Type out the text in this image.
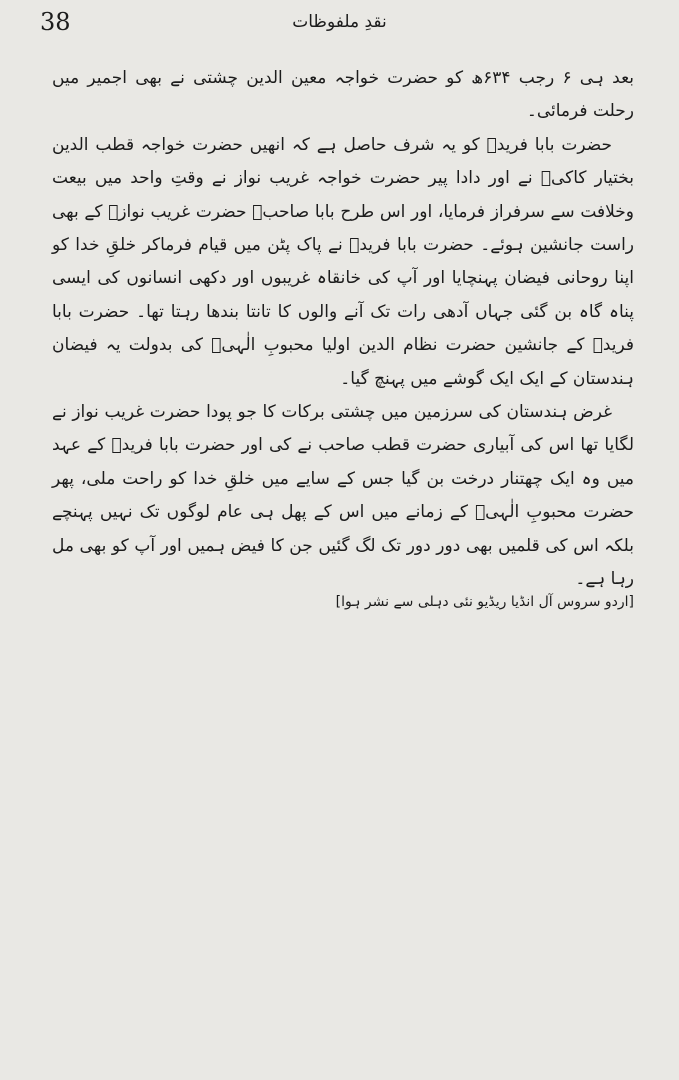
38	نقدِ ملفوظات

بعد ہی ۶ رجب ۶۳۴ھ کو حضرت خواجہ معین الدین چشتی نے بھی اجمیر میں رحلت فرمائی۔

حضرت بابا فریدؒ کو یہ شرف حاصل ہے کہ انھیں حضرت خواجہ قطب الدین بختیار کاکیؒ نے اور دادا پیر حضرت خواجہ غریب نواز نے وقتِ واحد میں بیعت وخلافت سے سرفراز فرمایا، اور اس طرح بابا صاحبؒ حضرت غریب نوازؒ کے بھی راست جانشین ہوئے۔ حضرت بابا فریدؒ نے پاک پٹن میں قیام فرماکر خلقِ خدا کو اپنا روحانی فیضان پہنچایا اور آپ کی خانقاہ غریبوں اور دکھی انسانوں کی ایسی پناہ گاہ بن گئی جہاں آدھی رات تک آنے والوں کا تانتا بندھا رہتا تھا۔ حضرت بابا فریدؒ کے جانشین حضرت نظام الدین اولیا محبوبِ الٰہیؒ کی بدولت یہ فیضان ہندستان کے ایک ایک گوشے میں پہنچ گیا۔

غرض ہندستان کی سرزمین میں چشتی برکات کا جو پودا حضرت غریب نواز نے لگایا تھا اس کی آبیاری حضرت قطب صاحب نے کی اور حضرت بابا فریدؒ کے عہد میں وہ ایک چھتنار درخت بن گیا جس کے سایے میں خلقِ خدا کو راحت ملی، پھر حضرت محبوبِ الٰہیؒ کے زمانے میں اس کے پھل ہی عام لوگوں تک نہیں پہنچے بلکہ اس کی قلمیں بھی دور دور تک لگ گئیں جن کا فیض ہمیں اور آپ کو بھی مل رہا ہے۔

[اردو سروس آل انڈیا ریڈیو نئی دہلی سے نشر ہوا]
